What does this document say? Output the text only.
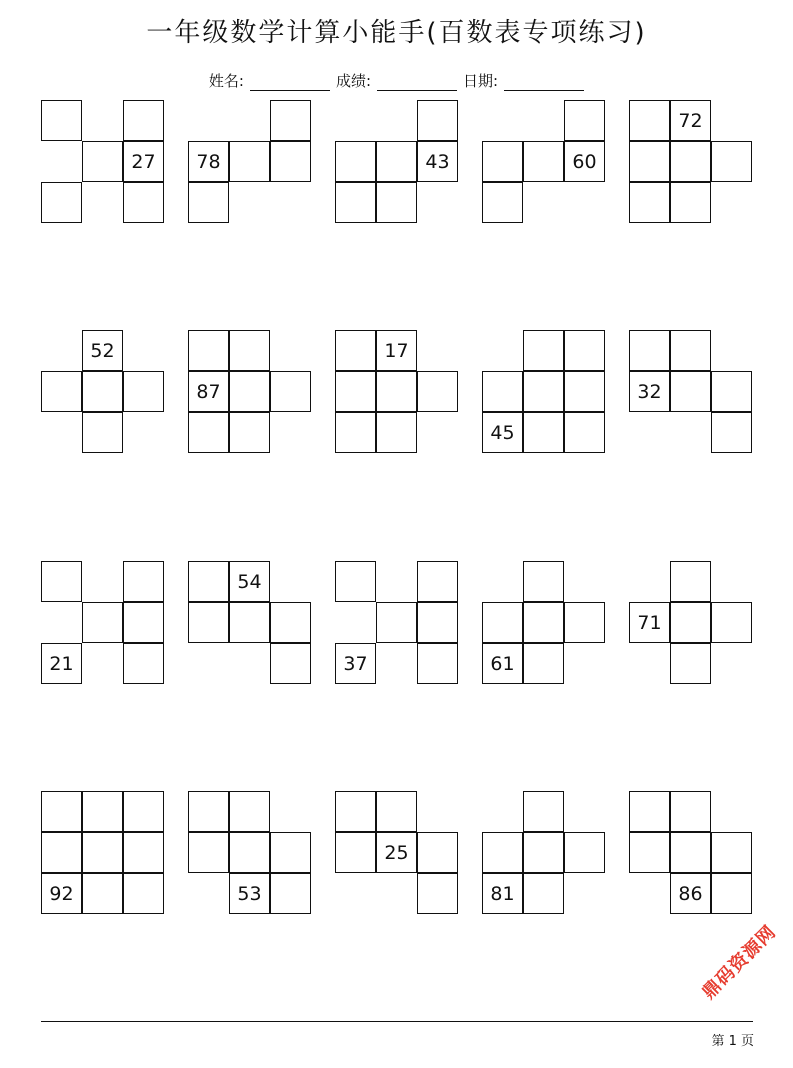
一年级数学计算小能手(百数表专项练习)
姓名:	成绩:	日期:
27	78	43	60
72
52
87
17
45
32
21
54
37	61
71
92	53
25
81	86
第 1 页
鼎码资源网
